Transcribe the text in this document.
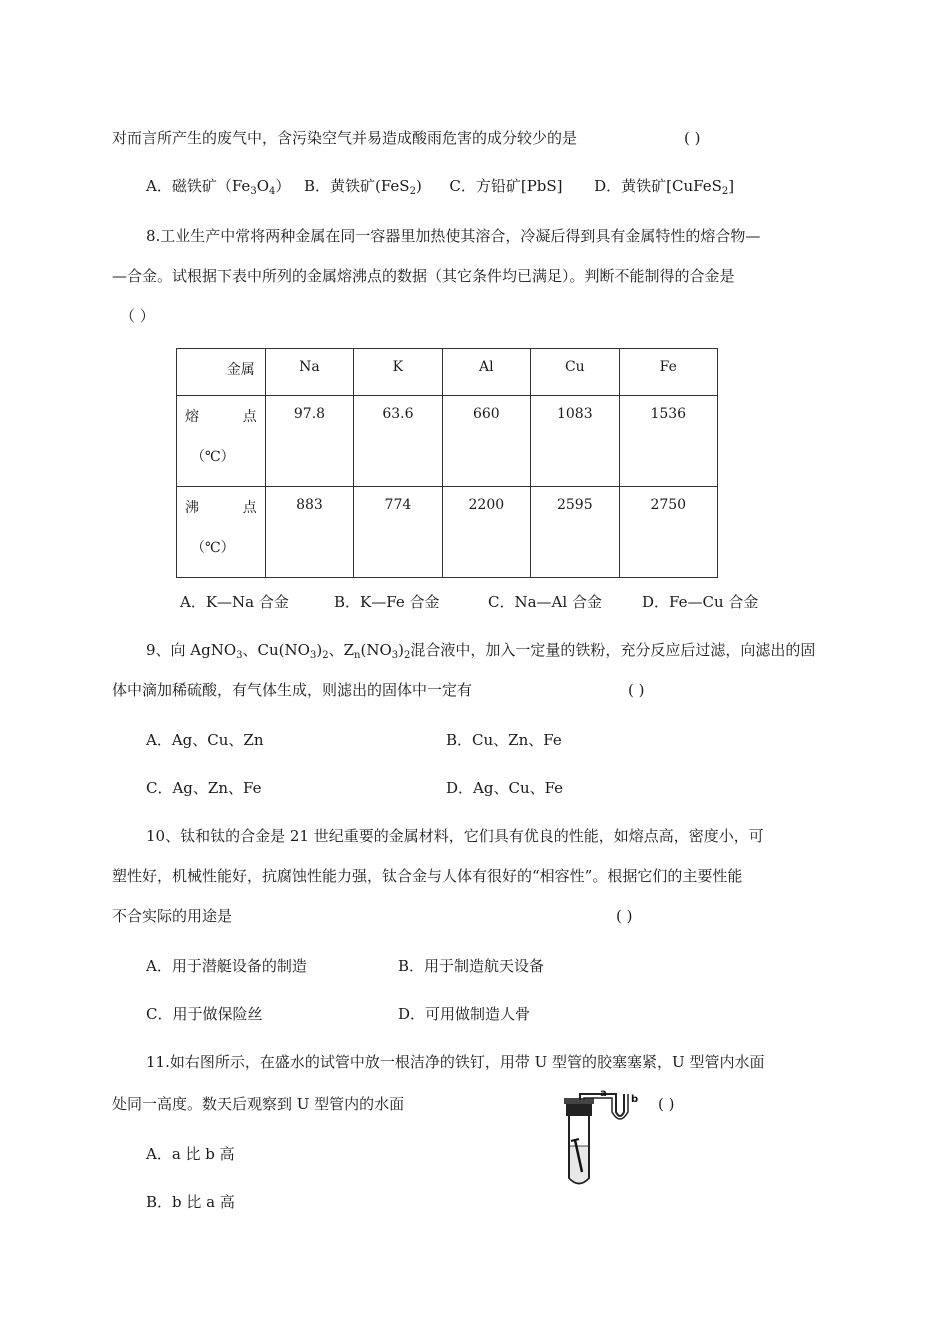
对而言所产生的废气中，含污染空气并易造成酸雨危害的成分较少的是	( )
A．磁铁矿$(Fe_3O_4)$ B．黄铁矿(FeS$_2$) C．方铅矿[PbS] D．黄铁矿[CuFeS$_2$]
8.工业生产中常将两种金属在同一容器里加热使其溶合，冷凝后得到具有金属特性的熔合物—
—合金。试根据下表中所列的金属熔沸点的数据（其它条件均已满足）。判断不能制得的合金是
（ ）
金属	Na	K	Al	Cu	Fe

熔 点
（℃）	97.8	63.6	660	1083	1536

沸 点
（℃）	883	774	2200	2595	2750
A．K—Na 合金	B．K—Fe 合金	C．Na—Al 合金	D．Fe—Cu 合金
9、向 AgNO$_3$、$Cu(NO_3)_2$、$Z_n(NO_3)_2$混合液中，加入一定量的铁粉，充分反应后过滤，向滤出的固
体中滴加稀硫酸，有气体生成，则滤出的固体中一定有	( )
A．Ag、Cu、Zn	B．Cu、Zn、Fe
C．Ag、Zn、Fe	D．Ag、Cu、Fe
10、钛和钛的合金是 21 世纪重要的金属材料，它们具有优良的性能，如熔点高，密度小，可
塑性好，机械性能好，抗腐蚀性能力强，钛合金与人体有很好的“相容性”。根据它们的主要性能
不合实际的用途是	( )
A．用于潜艇设备的制造	B．用于制造航天设备
C．用于做保险丝	D．可用做制造人骨
11.如右图所示，在盛水的试管中放一根洁净的铁钉，用带 U 型管的胶塞塞紧，U 型管内水面
处同一高度。数天后观察到 U 型管内的水面	( )
a
b
A．a 比 b 高
B．b 比 a 高
